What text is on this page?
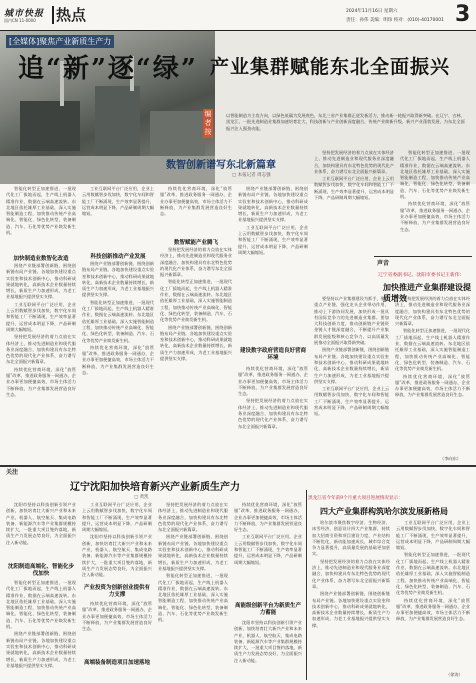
城市快报
国内CN 11-0000 热点	2024年11月16日 星期六
责任：孙伟 美编：明珍 校对：(010)-40170001 3
[全媒体]聚焦产业新质生产力
追“新”逐“绿” 产业集群赋能东北全面振兴
编者按
以智能制造为主攻方向，以绿色低碳为发展底色，东北三省产业集群正迸发新活力，推动新一轮振兴取得新突破。在辽宁、吉林、黑龙江，一批先进制造业集群加速培育壮大，科技创新与产业创新深度融合，传统产业焕新升级，新兴产业蓬勃发展，为东北全面振兴注入强劲动能。
数智创新谱写东北新篇章
□ 本报记者 周志强

智能化转型正加速推进，一批现代化工厂拔地而起，生产线上机器人精准作业，数据在云端高速流转。东北地区依托雄厚工业基础，深入实施智能制造工程，加快推动传统产业高端化、智能化、绿色化转型，装备制造、汽车、石化等优势产业焕发新生机。

加快制造业数智化改造

围绕产业链部署创新链，围绕创新链布局产业链。各地加快建设重点实验室和技术创新中心，推动科研成果就地转化，高新技术企业数量持续增长，新质生产力加速形成，为老工业基地振兴提供坚实支撑。

工业互联网平台广泛应用，企业上云用数赋智步伐加快，数字化车间和智能工厂不断涌现，生产效率显著提升，运营成本明显下降，产品研制周期大幅缩短。

坚持把发展经济的着力点放在实体经济上，推动先进制造业和现代服务业深度融合，加快构建具有东北特色优势的现代化产业体系，奋力谱写东北全面振兴新篇章。

持续优化营商环境，深化“放管服”改革，推进政务服务一网通办，企业办事更加便捷高效，市场主体活力不断释放，为产业集群发展营造良好生态。

工业互联网平台广泛应用，企业上云用数赋智步伐加快，数字化车间和智能工厂不断涌现，生产效率显著提升，运营成本明显下降，产品研制周期大幅缩短。

科技创新推动产业发展

围绕产业链部署创新链，围绕创新链布局产业链。各地加快建设重点实验室和技术创新中心，推动科研成果就地转化，高新技术企业数量持续增长，新质生产力加速形成，为老工业基地振兴提供坚实支撑。

智能化转型正加速推进，一批现代化工厂拔地而起，生产线上机器人精准作业，数据在云端高速流转。东北地区依托雄厚工业基础，深入实施智能制造工程，加快推动传统产业高端化、智能化、绿色化转型，装备制造、汽车、石化等优势产业焕发新生机。

持续优化营商环境，深化“放管服”改革，推进政务服务一网通办，企业办事更加便捷高效，市场主体活力不断释放，为产业集群发展营造良好生态。

持续优化营商环境，深化“放管服”改革，推进政务服务一网通办，企业办事更加便捷高效，市场主体活力不断释放，为产业集群发展营造良好生态。

数智赋能产业腾飞

坚持把发展经济的着力点放在实体经济上，推动先进制造业和现代服务业深度融合，加快构建具有东北特色优势的现代化产业体系，奋力谱写东北全面振兴新篇章。

智能化转型正加速推进，一批现代化工厂拔地而起，生产线上机器人精准作业，数据在云端高速流转。东北地区依托雄厚工业基础，深入实施智能制造工程，加快推动传统产业高端化、智能化、绿色化转型，装备制造、汽车、石化等优势产业焕发新生机。

围绕产业链部署创新链，围绕创新链布局产业链。各地加快建设重点实验室和技术创新中心，推动科研成果就地转化，高新技术企业数量持续增长，新质生产力加速形成，为老工业基地振兴提供坚实支撑。

围绕产业链部署创新链，围绕创新链布局产业链。各地加快建设重点实验室和技术创新中心，推动科研成果就地转化，高新技术企业数量持续增长，新质生产力加速形成，为老工业基地振兴提供坚实支撑。

工业互联网平台广泛应用，企业上云用数赋智步伐加快，数字化车间和智能工厂不断涌现，生产效率显著提升，运营成本明显下降，产品研制周期大幅缩短。

建设数字政府营造良好营商环境

持续优化营商环境，深化“放管服”改革，推进政务服务一网通办，企业办事更加便捷高效，市场主体活力不断释放，为产业集群发展营造良好生态。

坚持把发展经济的着力点放在实体经济上，推动先进制造业和现代服务业深度融合，加快构建具有东北特色优势的现代化产业体系，奋力谱写东北全面振兴新篇章。

坚持把发展经济的着力点放在实体经济上，推动先进制造业和现代服务业深度融合，加快构建具有东北特色优势的现代化产业体系，奋力谱写东北全面振兴新篇章。

工业互联网平台广泛应用，企业上云用数赋智步伐加快，数字化车间和智能工厂不断涌现，生产效率显著提升，运营成本明显下降，产品研制周期大幅缩短。

智能化转型正加速推进，一批现代化工厂拔地而起，生产线上机器人精准作业，数据在云端高速流转。东北地区依托雄厚工业基础，深入实施智能制造工程，加快推动传统产业高端化、智能化、绿色化转型，装备制造、汽车、石化等优势产业焕发新生机。

持续优化营商环境，深化“放管服”改革，推进政务服务一网通办，企业办事更加便捷高效，市场主体活力不断释放，为产业集群发展营造良好生态。

声音
辽宁省委副书记、沈阳市委书记王新伟：
加快推进产业集群建设提质增效

要坚持以产业集群建设为抓手，聚焦重点产业链，强化龙头企业带动作用，推动上下游协同发展，加快形成一批具有国际竞争力的先进制造业集群。要加大科技创新力度，推动创新链产业链资金链人才链深度融合，不断提升产业集群发展能级和核心竞争力，以高质量发展推动全面振兴取得新突破。

围绕产业链部署创新链，围绕创新链布局产业链。各地加快建设重点实验室和技术创新中心，推动科研成果就地转化，高新技术企业数量持续增长，新质生产力加速形成，为老工业基地振兴提供坚实支撑。

工业互联网平台广泛应用，企业上云用数赋智步伐加快，数字化车间和智能工厂不断涌现，生产效率显著提升，运营成本明显下降，产品研制周期大幅缩短。

坚持把发展经济的着力点放在实体经济上，推动先进制造业和现代服务业深度融合，加快构建具有东北特色优势的现代化产业体系，奋力谱写东北全面振兴新篇章。

智能化转型正加速推进，一批现代化工厂拔地而起，生产线上机器人精准作业，数据在云端高速流转。东北地区依托雄厚工业基础，深入实施智能制造工程，加快推动传统产业高端化、智能化、绿色化转型，装备制造、汽车、石化等优势产业焕发新生机。

持续优化营商环境，深化“放管服”改革，推进政务服务一网通办，企业办事更加便捷高效，市场主体活力不断释放，为产业集群发展营造良好生态。

（李向东）
关注
辽宁沈阳加快培育新兴产业新质生产力
□ 黄凯

沈阳市坚持以科技创新引领产业创新，加快培育壮大新兴产业和未来产业，机器人、航空航天、集成电路装备、新能源汽车等产业集群规模持续扩大，一批重大项目签约落地，新质生产力发展态势良好，为全面振兴注入新动能。

沈阳制造高端化、智能化步伐加快

智能化转型正加速推进，一批现代化工厂拔地而起，生产线上机器人精准作业，数据在云端高速流转。东北地区依托雄厚工业基础，深入实施智能制造工程，加快推动传统产业高端化、智能化、绿色化转型，装备制造、汽车、石化等优势产业焕发新生机。

围绕产业链部署创新链，围绕创新链布局产业链。各地加快建设重点实验室和技术创新中心，推动科研成果就地转化，高新技术企业数量持续增长，新质生产力加速形成，为老工业基地振兴提供坚实支撑。

工业互联网平台广泛应用，企业上云用数赋智步伐加快，数字化车间和智能工厂不断涌现，生产效率显著提升，运营成本明显下降，产品研制周期大幅缩短。

沈阳市坚持以科技创新引领产业创新，加快培育壮大新兴产业和未来产业，机器人、航空航天、集成电路装备、新能源汽车等产业集群规模持续扩大，一批重大项目签约落地，新质生产力发展态势良好，为全面振兴注入新动能。

产业投资为创新创业提供有力支撑

持续优化营商环境，深化“放管服”改革，推进政务服务一网通办，企业办事更加便捷高效，市场主体活力不断释放，为产业集群发展营造良好生态。

高端装备制造项目加速落地

坚持把发展经济的着力点放在实体经济上，推动先进制造业和现代服务业深度融合，加快构建具有东北特色优势的现代化产业体系，奋力谱写东北全面振兴新篇章。

围绕产业链部署创新链，围绕创新链布局产业链。各地加快建设重点实验室和技术创新中心，推动科研成果就地转化，高新技术企业数量持续增长，新质生产力加速形成，为老工业基地振兴提供坚实支撑。

智能化转型正加速推进，一批现代化工厂拔地而起，生产线上机器人精准作业，数据在云端高速流转。东北地区依托雄厚工业基础，深入实施智能制造工程，加快推动传统产业高端化、智能化、绿色化转型，装备制造、汽车、石化等优势产业焕发新生机。

持续优化营商环境，深化“放管服”改革，推进政务服务一网通办，企业办事更加便捷高效，市场主体活力不断释放，为产业集群发展营造良好生态。

工业互联网平台广泛应用，企业上云用数赋智步伐加快，数字化车间和智能工厂不断涌现，生产效率显著提升，运营成本明显下降，产品研制周期大幅缩短。

高能级创新平台为新质生产力蓄能

沈阳市坚持以科技创新引领产业创新，加快培育壮大新兴产业和未来产业，机器人、航空航天、集成电路装备、新能源汽车等产业集群规模持续扩大，一批重大项目签约落地，新质生产力发展态势良好，为全面振兴注入新动能。

黑龙江省今年前9个月重大项目进展情况显示：
四大产业集群构筑哈尔滨发展新格局

哈尔滨市聚焦数字经济、生物经济、冰雪经济、创意设计四大产业集群，持续加大招商引资和项目建设力度，产业结构不断优化，新动能加速成长，城市综合竞争力显著提升，高质量发展的基础更加坚实。

坚持把发展经济的着力点放在实体经济上，推动先进制造业和现代服务业深度融合，加快构建具有东北特色优势的现代化产业体系，奋力谱写东北全面振兴新篇章。

围绕产业链部署创新链，围绕创新链布局产业链。各地加快建设重点实验室和技术创新中心，推动科研成果就地转化，高新技术企业数量持续增长，新质生产力加速形成，为老工业基地振兴提供坚实支撑。

工业互联网平台广泛应用，企业上云用数赋智步伐加快，数字化车间和智能工厂不断涌现，生产效率显著提升，运营成本明显下降，产品研制周期大幅缩短。

智能化转型正加速推进，一批现代化工厂拔地而起，生产线上机器人精准作业，数据在云端高速流转。东北地区依托雄厚工业基础，深入实施智能制造工程，加快推动传统产业高端化、智能化、绿色化转型，装备制造、汽车、石化等优势产业焕发新生机。

持续优化营商环境，深化“放管服”改革，推进政务服务一网通办，企业办事更加便捷高效，市场主体活力不断释放，为产业集群发展营造良好生态。

（徐涛）
